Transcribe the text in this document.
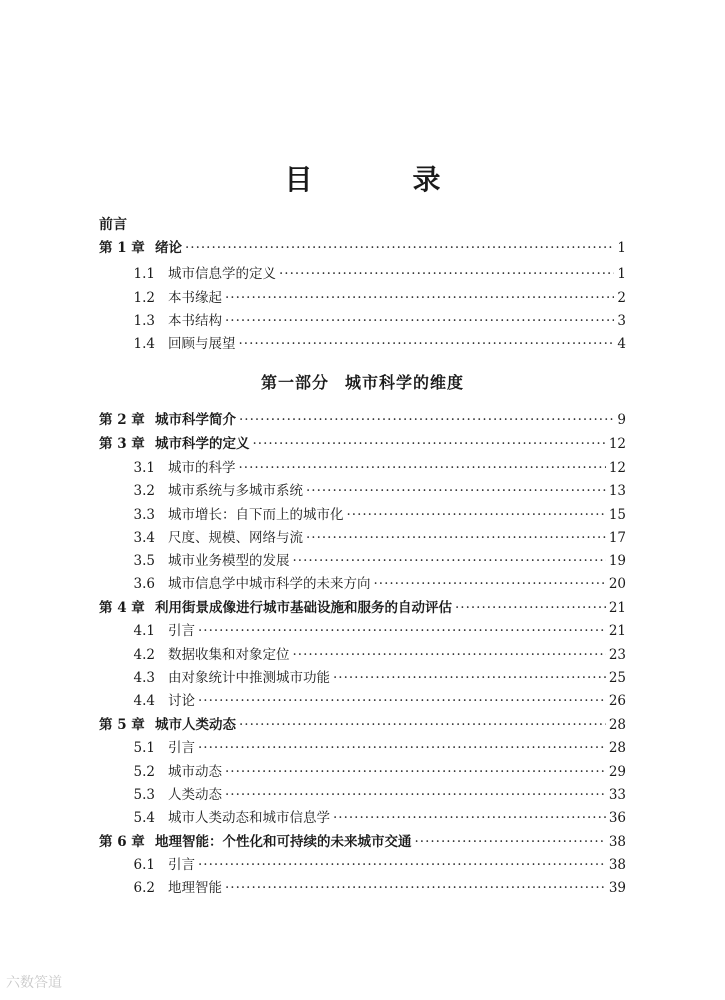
目　录
前言
第一部分 城市科学的维度
第 1 章 绪论 ·····	1
1.1 城市信息学的定义 ·····	1
1.2 本书缘起 ·····	2
1.3 本书结构 ·····	3
1.4 回顾与展望 ·····	4
第 2 章 城市科学简介 ·····	9
第 3 章 城市科学的定义 ·····	12
3.1 城市的科学 ·····	12
3.2 城市系统与多城市系统 ·····	13
3.3 城市增长：自下而上的城市化 ·····	15
3.4 尺度、规模、网络与流 ·····	17
3.5 城市业务模型的发展 ·····	19
3.6 城市信息学中城市科学的未来方向 ·····	20
第 4 章 利用街景成像进行城市基础设施和服务的自动评估 ·····	21
4.1 引言 ·····	21
4.2 数据收集和对象定位 ·····	23
4.3 由对象统计中推测城市功能 ·····	25
4.4 讨论 ·····	26
第 5 章 城市人类动态 ·····	28
5.1 引言 ·····	28
5.2 城市动态 ·····	29
5.3 人类动态 ·····	33
5.4 城市人类动态和城市信息学 ·····	36
第 6 章 地理智能：个性化和可持续的未来城市交通 ·····	38
6.1 引言 ·····	38
6.2 地理智能 ·····	39
六数答道
